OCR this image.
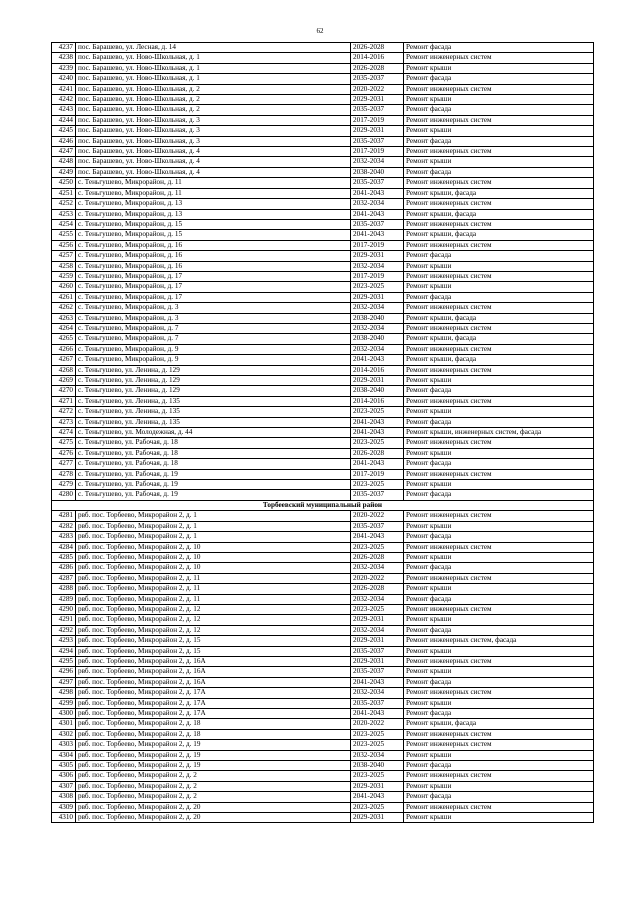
62
4237	пос. Барашево, ул. Лесная, д. 14	2026-2028	Ремонт фасада
4238	пос. Барашево, ул. Ново-Школьная, д. 1	2014-2016	Ремонт инженерных систем
4239	пос. Барашево, ул. Ново-Школьная, д. 1	2026-2028	Ремонт крыши
4240	пос. Барашево, ул. Ново-Школьная, д. 1	2035-2037	Ремонт фасада
4241	пос. Барашево, ул. Ново-Школьная, д. 2	2020-2022	Ремонт инженерных систем
4242	пос. Барашево, ул. Ново-Школьная, д. 2	2029-2031	Ремонт крыши
4243	пос. Барашево, ул. Ново-Школьная, д. 2	2035-2037	Ремонт фасада
4244	пос. Барашево, ул. Ново-Школьная, д. 3	2017-2019	Ремонт инженерных систем
4245	пос. Барашево, ул. Ново-Школьная, д. 3	2029-2031	Ремонт крыши
4246	пос. Барашево, ул. Ново-Школьная, д. 3	2035-2037	Ремонт фасада
4247	пос. Барашево, ул. Ново-Школьная, д. 4	2017-2019	Ремонт инженерных систем
4248	пос. Барашево, ул. Ново-Школьная, д. 4	2032-2034	Ремонт крыши
4249	пос. Барашево, ул. Ново-Школьная, д. 4	2038-2040	Ремонт фасада
4250	с. Теньгушево, Микрорайон, д. 11	2035-2037	Ремонт инженерных систем
4251	с. Теньгушево, Микрорайон, д. 11	2041-2043	Ремонт крыши, фасада
4252	с. Теньгушево, Микрорайон, д. 13	2032-2034	Ремонт инженерных систем
4253	с. Теньгушево, Микрорайон, д. 13	2041-2043	Ремонт крыши, фасада
4254	с. Теньгушево, Микрорайон, д. 15	2035-2037	Ремонт инженерных систем
4255	с. Теньгушево, Микрорайон, д. 15	2041-2043	Ремонт крыши, фасада
4256	с. Теньгушево, Микрорайон, д. 16	2017-2019	Ремонт инженерных систем
4257	с. Теньгушево, Микрорайон, д. 16	2029-2031	Ремонт фасада
4258	с. Теньгушево, Микрорайон, д. 16	2032-2034	Ремонт крыши
4259	с. Теньгушево, Микрорайон, д. 17	2017-2019	Ремонт инженерных систем
4260	с. Теньгушево, Микрорайон, д. 17	2023-2025	Ремонт крыши
4261	с. Теньгушево, Микрорайон, д. 17	2029-2031	Ремонт фасада
4262	с. Теньгушево, Микрорайон, д. 3	2032-2034	Ремонт инженерных систем
4263	с. Теньгушево, Микрорайон, д. 3	2038-2040	Ремонт крыши, фасада
4264	с. Теньгушево, Микрорайон, д. 7	2032-2034	Ремонт инженерных систем
4265	с. Теньгушево, Микрорайон, д. 7	2038-2040	Ремонт крыши, фасада
4266	с. Теньгушево, Микрорайон, д. 9	2032-2034	Ремонт инженерных систем
4267	с. Теньгушево, Микрорайон, д. 9	2041-2043	Ремонт крыши, фасада
4268	с. Теньгушево, ул. Ленина, д. 129	2014-2016	Ремонт инженерных систем
4269	с. Теньгушево, ул. Ленина, д. 129	2029-2031	Ремонт крыши
4270	с. Теньгушево, ул. Ленина, д. 129	2038-2040	Ремонт фасада
4271	с. Теньгушево, ул. Ленина, д. 135	2014-2016	Ремонт инженерных систем
4272	с. Теньгушево, ул. Ленина, д. 135	2023-2025	Ремонт крыши
4273	с. Теньгушево, ул. Ленина, д. 135	2041-2043	Ремонт фасада
4274	с. Теньгушево, ул. Молодежная, д. 44	2041-2043	Ремонт крыши, инженерных систем, фасада
4275	с. Теньгушево, ул. Рабочая, д. 18	2023-2025	Ремонт инженерных систем
4276	с. Теньгушево, ул. Рабочая, д. 18	2026-2028	Ремонт крыши
4277	с. Теньгушево, ул. Рабочая, д. 18	2041-2043	Ремонт фасада
4278	с. Теньгушево, ул. Рабочая, д. 19	2017-2019	Ремонт инженерных систем
4279	с. Теньгушево, ул. Рабочая, д. 19	2023-2025	Ремонт крыши
4280	с. Теньгушево, ул. Рабочая, д. 19	2035-2037	Ремонт фасада
Торбеевский муниципальный район			
4281	рвб. пос. Торбеево, Микрорайон 2, д. 1	2020-2022	Ремонт инженерных систем
4282	рвб. пос. Торбеево, Микрорайон 2, д. 1	2035-2037	Ремонт крыши
4283	рвб. пос. Торбеево, Микрорайон 2, д. 1	2041-2043	Ремонт фасада
4284	рвб. пос. Торбеево, Микрорайон 2, д. 10	2023-2025	Ремонт инженерных систем
4285	рвб. пос. Торбеево, Микрорайон 2, д. 10	2026-2028	Ремонт крыши
4286	рвб. пос. Торбеево, Микрорайон 2, д. 10	2032-2034	Ремонт фасада
4287	рвб. пос. Торбеево, Микрорайон 2, д. 11	2020-2022	Ремонт инженерных систем
4288	рвб. пос. Торбеево, Микрорайон 2, д. 11	2026-2028	Ремонт крыши
4289	рвб. пос. Торбеево, Микрорайон 2, д. 11	2032-2034	Ремонт фасада
4290	рвб. пос. Торбеево, Микрорайон 2, д. 12	2023-2025	Ремонт инженерных систем
4291	рвб. пос. Торбеево, Микрорайон 2, д. 12	2029-2031	Ремонт крыши
4292	рвб. пос. Торбеево, Микрорайон 2, д. 12	2032-2034	Ремонт фасада
4293	рвб. пос. Торбеево, Микрорайон 2, д. 15	2029-2031	Ремонт инженерных систем, фасада
4294	рвб. пос. Торбеево, Микрорайон 2, д. 15	2035-2037	Ремонт крыши
4295	рвб. пос. Торбеево, Микрорайон 2, д. 16А	2029-2031	Ремонт инженерных систем
4296	рвб. пос. Торбеево, Микрорайон 2, д. 16А	2035-2037	Ремонт крыши
4297	рвб. пос. Торбеево, Микрорайон 2, д. 16А	2041-2043	Ремонт фасада
4298	рвб. пос. Торбеево, Микрорайон 2, д. 17А	2032-2034	Ремонт инженерных систем
4299	рвб. пос. Торбеево, Микрорайон 2, д. 17А	2035-2037	Ремонт крыши
4300	рвб. пос. Торбеево, Микрорайон 2, д. 17А	2041-2043	Ремонт фасада
4301	рвб. пос. Торбеево, Микрорайон 2, д. 18	2020-2022	Ремонт крыши, фасада
4302	рвб. пос. Торбеево, Микрорайон 2, д. 18	2023-2025	Ремонт инженерных систем
4303	рвб. пос. Торбеево, Микрорайон 2, д. 19	2023-2025	Ремонт инженерных систем
4304	рвб. пос. Торбеево, Микрорайон 2, д. 19	2032-2034	Ремонт крыши
4305	рвб. пос. Торбеево, Микрорайон 2, д. 19	2038-2040	Ремонт фасада
4306	рвб. пос. Торбеево, Микрорайон 2, д. 2	2023-2025	Ремонт инженерных систем
4307	рвб. пос. Торбеево, Микрорайон 2, д. 2	2029-2031	Ремонт крыши
4308	рвб. пос. Торбеево, Микрорайон 2, д. 2	2041-2043	Ремонт фасада
4309	рвб. пос. Торбеево, Микрорайон 2, д. 20	2023-2025	Ремонт инженерных систем
4310	рвб. пос. Торбеево, Микрорайон 2, д. 20	2029-2031	Ремонт крыши
